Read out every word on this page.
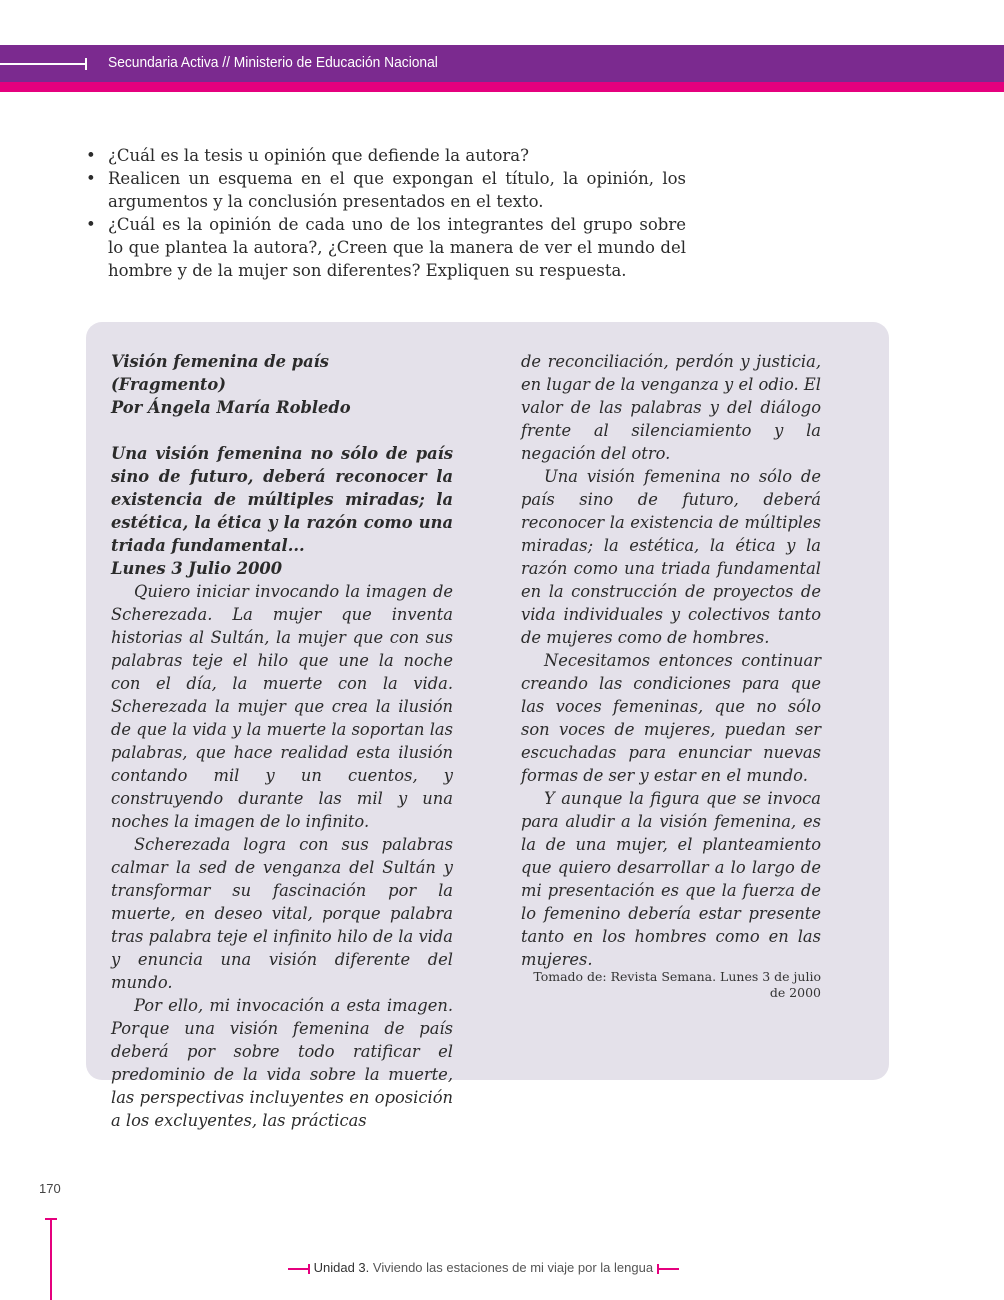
Secundaria Activa // Ministerio de Educación Nacional
• ¿Cuál es la tesis u opinión que defiende la autora?
• Realicen un esquema en el que expongan el título, la opinión, los argumentos y la conclusión presentados en el texto.
• ¿Cuál es la opinión de cada uno de los integrantes del grupo sobre lo que plantea la autora?, ¿Creen que la manera de ver el mundo del hombre y de la mujer son diferentes? Expliquen su respuesta.

Visión femenina de país

(Fragmento)

Por Ángela María Robledo

Una visión femenina no sólo de país sino de futuro, deberá reconocer la existencia de múltiples miradas; la estética, la ética y la razón como una triada fundamental...

Lunes 3 Julio 2000

Quiero iniciar invocando la imagen de Scherezada. La mujer que inventa historias al Sultán, la mujer que con sus palabras teje el hilo que une la noche con el día, la muerte con la vida. Scherezada la mujer que crea la ilusión de que la vida y la muerte la soportan las palabras, que hace realidad esta ilusión contando mil y un cuentos, y construyendo durante las mil y una noches la imagen de lo infinito.

Scherezada logra con sus palabras calmar la sed de venganza del Sultán y transformar su fascinación por la muerte, en deseo vital, porque palabra tras palabra teje el infinito hilo de la vida y enuncia una visión diferente del mundo.

Por ello, mi invocación a esta imagen. Porque una visión femenina de país deberá por sobre todo ratificar el predominio de la vida sobre la muerte, las perspectivas incluyentes en oposición a los excluyentes, las prácticas

de reconciliación, perdón y justicia, en lugar de la venganza y el odio. El valor de las palabras y del diálogo frente al silenciamiento y la negación del otro.

Una visión femenina no sólo de país sino de futuro, deberá reconocer la existencia de múltiples miradas; la estética, la ética y la razón como una triada fundamental en la construcción de proyectos de vida individuales y colectivos tanto de mujeres como de hombres.

Necesitamos entonces continuar creando las condiciones para que las voces femeninas, que no sólo son voces de mujeres, puedan ser escuchadas para enunciar nuevas formas de ser y estar en el mundo.

Y aunque la figura que se invoca para aludir a la visión femenina, es la de una mujer, el planteamiento que quiero desarrollar a lo largo de mi presentación es que la fuerza de lo femenino debería estar presente tanto en los hombres como en las mujeres.

Tomado de: Revista Semana. Lunes 3 de julio de 2000
170
Unidad 3. Viviendo las estaciones de mi viaje por la lengua
